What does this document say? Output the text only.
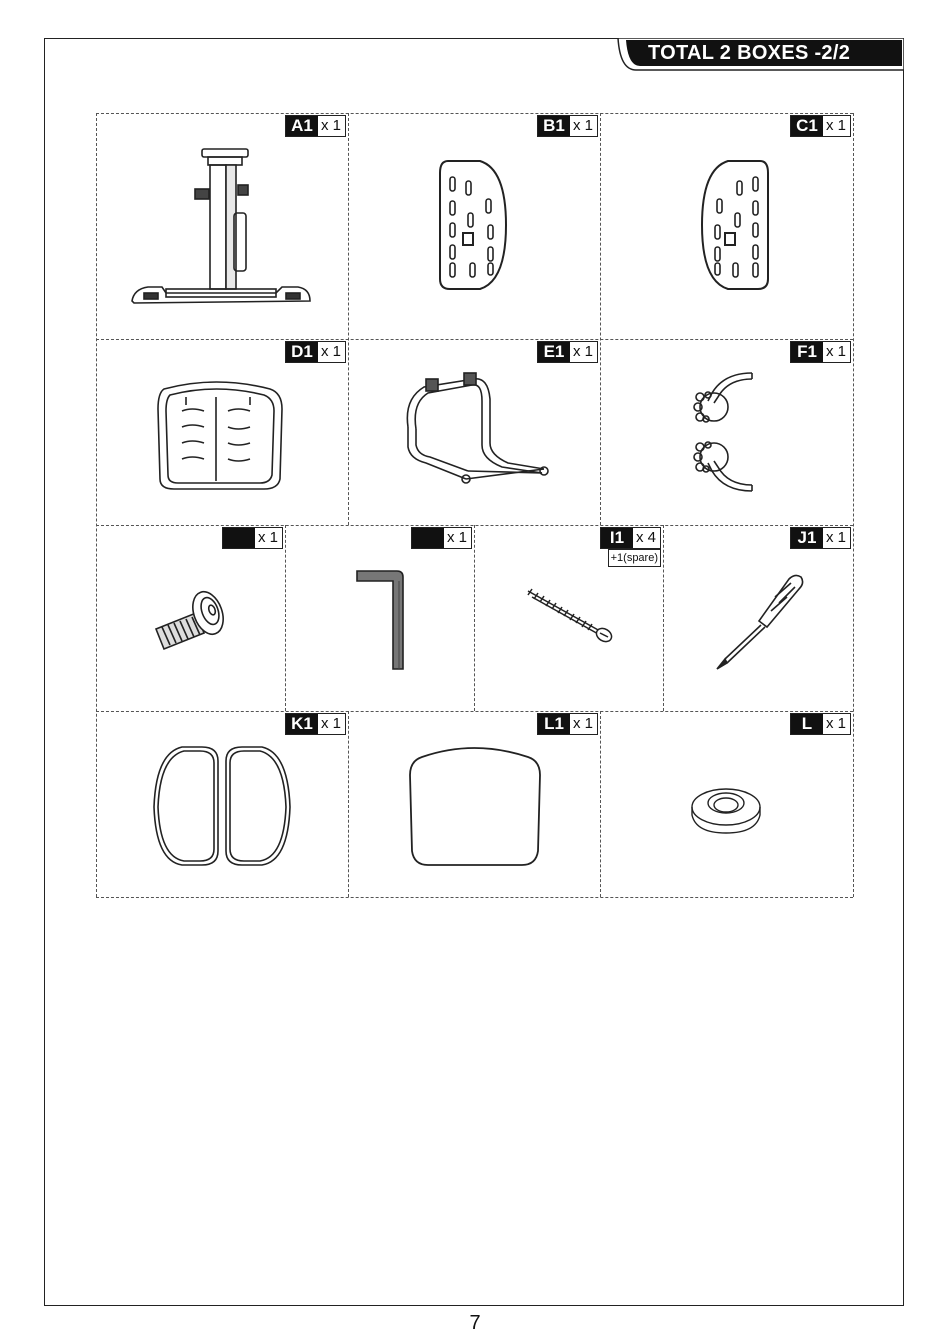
TOTAL 2 BOXES -2/2
A1 x 1	B1 x 1	C1 x 1
D1 x 1	E1 x 1	F1 x 1
x 1	x 1	I1 x 4
+1(spare)
J1 x 1
K1 x 1	L1 x 1	L x 1
7
